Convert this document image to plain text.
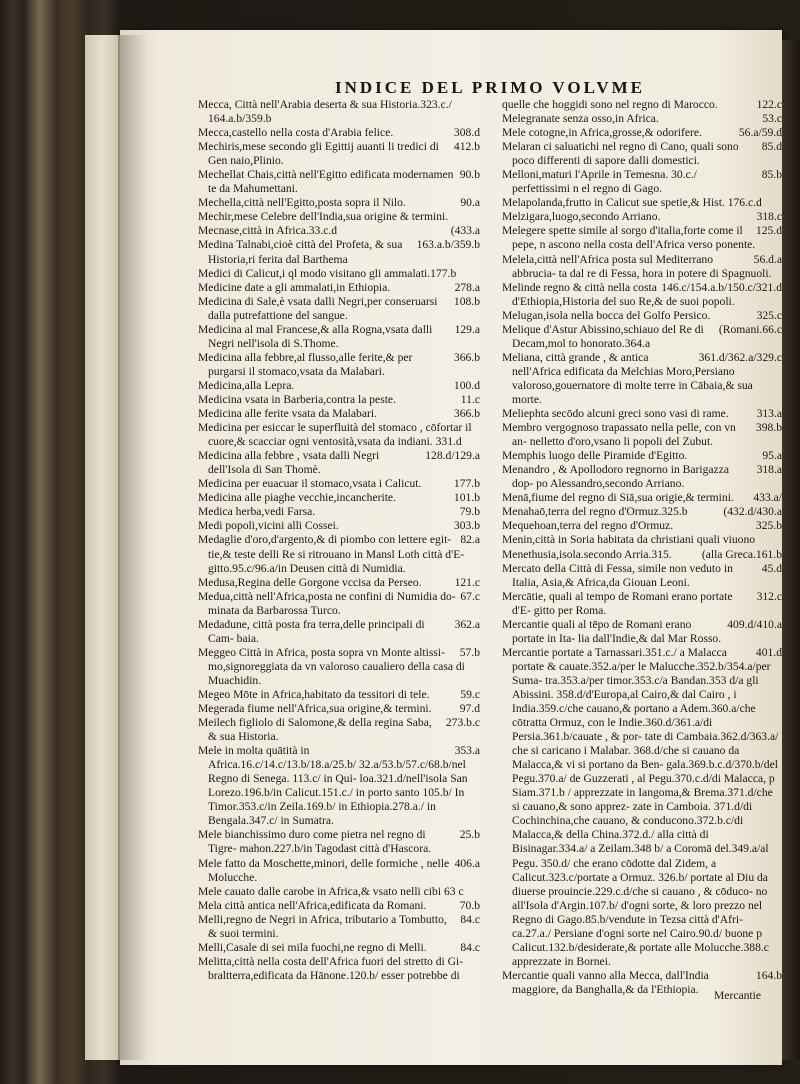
INDICE DEL PRIMO VOLVME

Mecca, Città nell'Arabia deserta & sua Historia.323.c./ 164.a.b/359.b

308.d
Mecca,castello nella costa d'Arabia felice.

412.b
Mechiris,mese secondo gli Egittij auanti li tredici di Gen naio,Plinio.

90.b
Mechellat Chais,città nell'Egitto edificata modernamen te da Mahumettani.

90.a
Mechella,città nell'Egitto,posta sopra il Nilo.

Mechir,mese Celebre dell'India,sua origine & termini.

(433.a
Mecnase,città in Africa.33.c.d

163.a.b/359.b
Medina Talnabi,cioè città del Profeta, & sua Historia,ri ferita dal Barthema

Medici di Calicut,i ql modo visitano gli ammalati.177.b

278.a
Medicine date a gli ammalati,in Ethiopia.

108.b
Medicina di Sale,è vsata dalli Negri,per conseruarsi dalla putrefattione del sangue.

129.a
Medicina al mal Francese,& alla Rogna,vsata dalli Negri nell'isola di S.Thome.

366.b
Medicina alla febbre,al flusso,alle ferite,& per purgarsi il stomaco,vsata da Malabari.

100.d
Medicina,alla Lepra.

11.c
Medicina vsata in Barberia,contra la peste.

366.b
Medicina alle ferite vsata da Malabari.

Medicina per esiccar le superfluità del stomaco , cōfortar il cuore,& scacciar ogni ventosità,vsata da indiani. 331.d

128.d/129.a
Medicina alla febbre , vsata dalli Negri dell'Isola di San Thomè.

177.b
Medicina per euacuar il stomaco,vsata i Calicut.

101.b
Medicina alle piaghe vecchie,incancherite.

79.b
Medica herba,vedi Farsa.

303.b
Medi popoli,vicini alli Cossei.

82.a
Medaglie d'oro,d'argento,& di piombo con lettere egit- tie,& teste delli Re si ritrouano in Mansl Loth città d'E- gitto.95.c/96.a/in Deusen città di Numidia.

121.c
Medusa,Regina delle Gorgone vccisa da Perseo.

67.c
Medua,città nell'Africa,posta ne confini di Numidia do- minata da Barbarossa Turco.

362.a
Medadune, città posta fra terra,delle principali di Cam- baia.

57.b
Meggeo Città in Africa, posta sopra vn Monte altissi- mo,signoreggiata da vn valoroso caualiero della casa di Muachidin.

59.c
Megeo Mōte in Africa,habitato da tessitori di tele.

97.d
Megerada fiume nell'Africa,sua origine,& termini.

273.b.c
Meilech figliolo di Salomone,& della regina Saba, & sua Historia.

353.a
Mele in molta quātità in Africa.16.c/14.c/13.b/18.a/25.b/ 32.a/53.b/57.c/68.b/nel Regno di Senega. 113.c/ in Qui- loa.321.d/nell'isola San Lorezo.196.b/in Calicut.151.c./ in porto santo 105.b/ In Timor.353.c/in Zeila.169.b/ in Ethiopia.278.a./ in Bengala.347.c/ in Sumatra.

25.b
Mele bianchissimo duro come pietra nel regno di Tigre- mahon.227.b/in Tagodast città d'Hascora.

406.a
Mele fatto da Moschette,minori, delle formiche , nelle Molucche.

Mele cauato dalle carobe in Africa,& vsato nelli cibi 63 c

70.b
Mela città antica nell'Africa,edificata da Romani.

84.c
Melli,regno de Negri in Africa, tributario a Tombutto, & suoi termini.

84.c
Melli,Casale di sei mila fuochi,ne regno di Melli.

Melitta,città nella costa dell'Africa fuori del stretto di Gi- braltterra,edificata da Hānone.120.b/ esser potrebbe di

122.c
quelle che hoggidi sono nel regno di Marocco.

53.c
Melegranate senza osso,in Africa.

56.a/59.d
Mele cotogne,in Africa,grosse,& odorifere.

85.d
Melaran ci saluatichi nel regno di Cano, quali sono poco differenti di sapore dalli domestici.

85.b
Melloni,maturi l'Aprile in Temesna. 30.c./ perfettissimi n el regno di Gago.

Melapolanda,frutto in Calicut sue spetie,& Hist. 176.c.d

318.c
Melzigara,luogo,secondo Arriano.

125.d
Melegere spette simile al sorgo d'italia,forte come il pepe, n ascono nella costa dell'Africa verso ponente.

56.d.a
Melela,città nell'Africa posta sul Mediterrano abbrucia- ta dal re di Fessa, hora in potere di Spagnuoli.

146.c/154.a.b/150.c/321.d
Melinde regno & città nella costa d'Ethiopia,Historia del suo Re,& de suoi popoli.

325.c
Melugan,isola nella bocca del Golfo Persico.

(Romani.66.c
Melique d'Astur Abissino,schiauo del Re di Decam,mol to honorato.364.a

361.d/362.a/329.c
Meliana, città grande , & antica nell'Africa edificata da Melchias Moro,Persiano valoroso,gouernatore di molte terre in Cābaia,& sua morte.

313.a
Meliephta secōdo alcuni greci sono vasi di rame.

398.b
Membro vergognoso trapassato nella pelle, con vn an- nelletto d'oro,vsano li popoli del Zubut.

95.a
Memphis luogo delle Piramide d'Egitto.

318.a
Menandro , & Apollodoro regnorno in Barigazza dop- po Alessandro,secondo Arriano.

433.a/
Menā,fiume del regno di Siā,sua origie,& termini.

(432.d/430.a
Menahaō,terra del regno d'Ormuz.325.b

325.b
Mequehoan,terra del regno d'Ormuz.

Menin,città in Soria habitata da christiani quali viuono

(alla Greca.161.b
Menethusia,isola.secondo Arria.315.

45.d
Mercato della Città di Fessa, simile non veduto in Italia, Asia,& Africa,da Giouan Leoni.

312.c
Mercātie, quali al tempo de Romani erano portate d'E- gitto per Roma.

409.d/410.a
Mercantie quali al tēpo de Romani erano portate in Ita- lia dall'Indie,& dal Mar Rosso.

401.d
Mercantie portate a Tarnassari.351.c./ a Malacca portate & cauate.352.a/per le Malucche.352.b/354.a/per Suma- tra.353.a/per timor.353.c/a Bandan.353 d/a gli Abissini. 358.d/d'Europa,al Cairo,& dal Cairo , i India.359.c/che cauano,& portano a Adem.360.a/che cōtratta Ormuz, con le Indie.360.d/361.a/di Persia.361.b/cauate , & por- tate di Cambaia.362.d/363.a/ che si caricano i Malabar. 368.d/che si cauano da Malacca,& vi si portano da Ben- gala.369.b.c.d/370.b/del Pegu.370.a/ de Guzzerati , al Pegu.370.c.d/di Malacca, p Siam.371.b / apprezzate in Iangoma,& Brema.371.d/che si cauano,& sono apprez- zate in Camboia. 371.d/di Cochinchina,che cauano, & conducono.372.b.c/di Malacca,& della China.372.d./ alla città di Bisinagar.334.a/ a Zeilam.348 b/ a Coromā del.349.a/al Pegu. 350.d/ che erano cōdotte dal Zidem, a Calicut.323.c/portate a Ormuz. 326.b/ portate al Diu da diuerse prouincie.229.c.d/che si cauano , & cōduco- no all'Isola d'Argin.107.b/ d'ogni sorte, & loro prezzo nel Regno di Gago.85.b/vendute in Tezsa città d'Afri- ca.27.a./ Persiane d'ogni sorte nel Cairo.90.d/ buone p Calicut.132.b/desiderate,& portate alle Molucche.388.c apprezzate in Bornei.

164.b
Mercantie quali vanno alla Mecca, dall'India maggiore, da Banghalla,& da l'Ethiopia.	Mercantie
